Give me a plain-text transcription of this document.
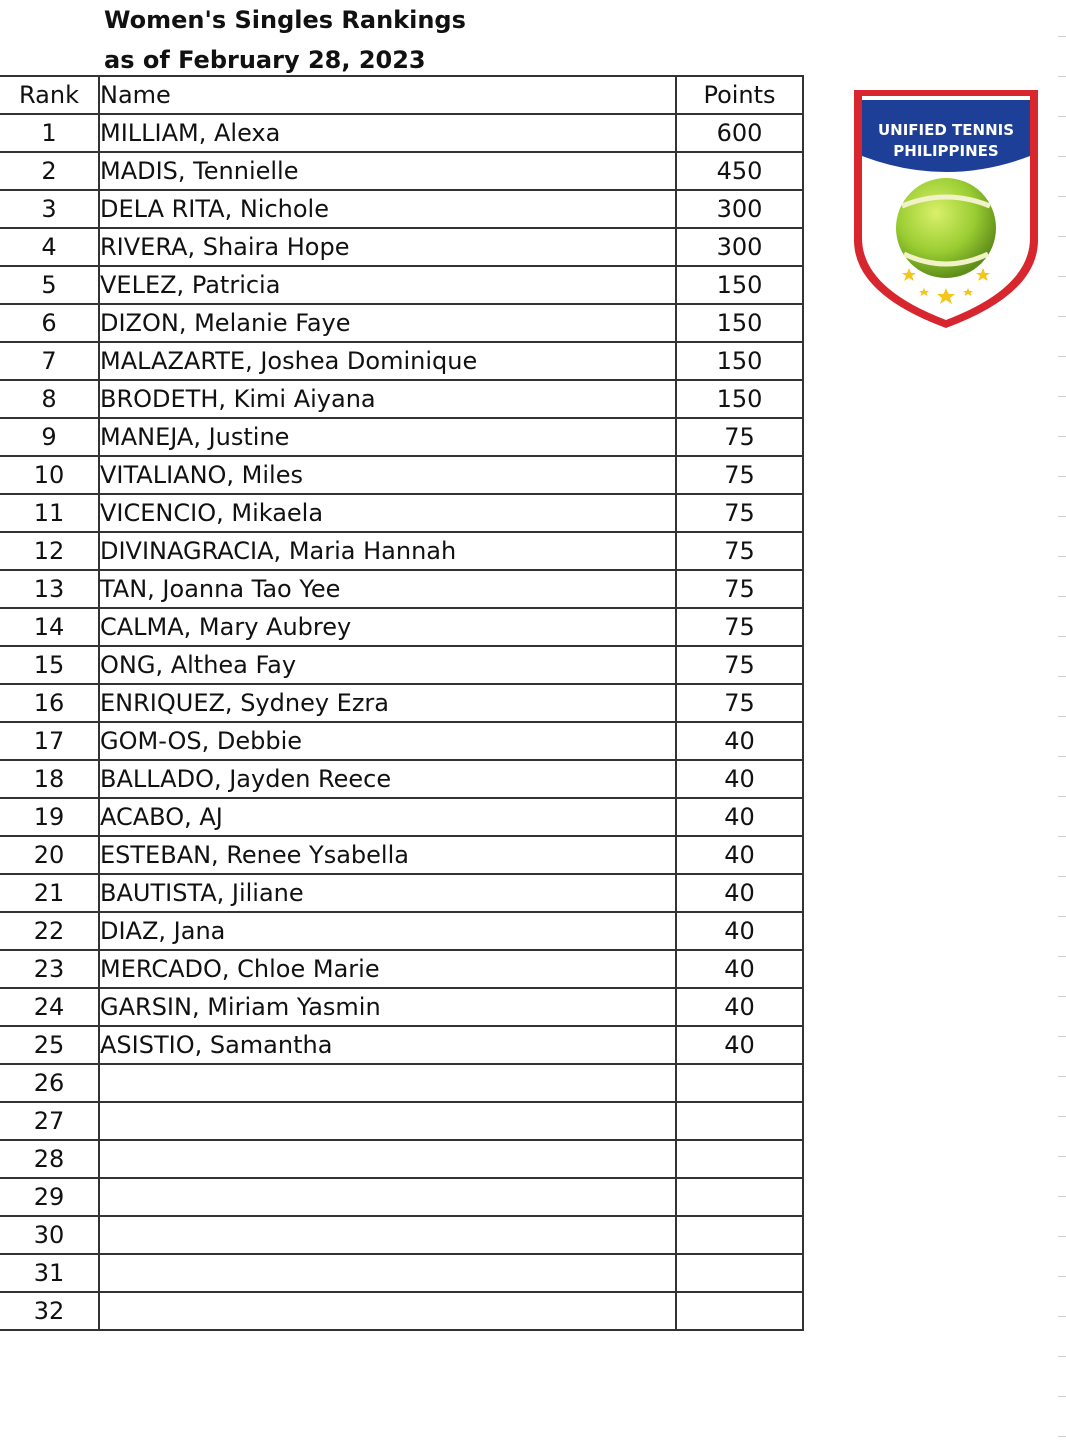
Women's Singles Rankings
as of February 28, 2023
Rank	Name	Points
1	MILLIAM, Alexa	600
2	MADIS, Tennielle	450
3	DELA RITA, Nichole	300
4	RIVERA, Shaira Hope	300
5	VELEZ, Patricia	150
6	DIZON, Melanie Faye	150
7	MALAZARTE, Joshea Dominique	150
8	BRODETH, Kimi Aiyana	150
9	MANEJA, Justine	75
10	VITALIANO, Miles	75
11	VICENCIO, Mikaela	75
12	DIVINAGRACIA, Maria Hannah	75
13	TAN, Joanna Tao Yee	75
14	CALMA, Mary Aubrey	75
15	ONG, Althea Fay	75
16	ENRIQUEZ, Sydney Ezra	75
17	GOM-OS, Debbie	40
18	BALLADO, Jayden Reece	40
19	ACABO, AJ	40
20	ESTEBAN, Renee Ysabella	40
21	BAUTISTA, Jiliane	40
22	DIAZ, Jana	40
23	MERCADO, Chloe Marie	40
24	GARSIN, Miriam Yasmin	40
25	ASISTIO, Samantha	40
26		
27		
28		
29		
30		
31		
32		
UNIFIED TENNIS
PHILIPPINES
